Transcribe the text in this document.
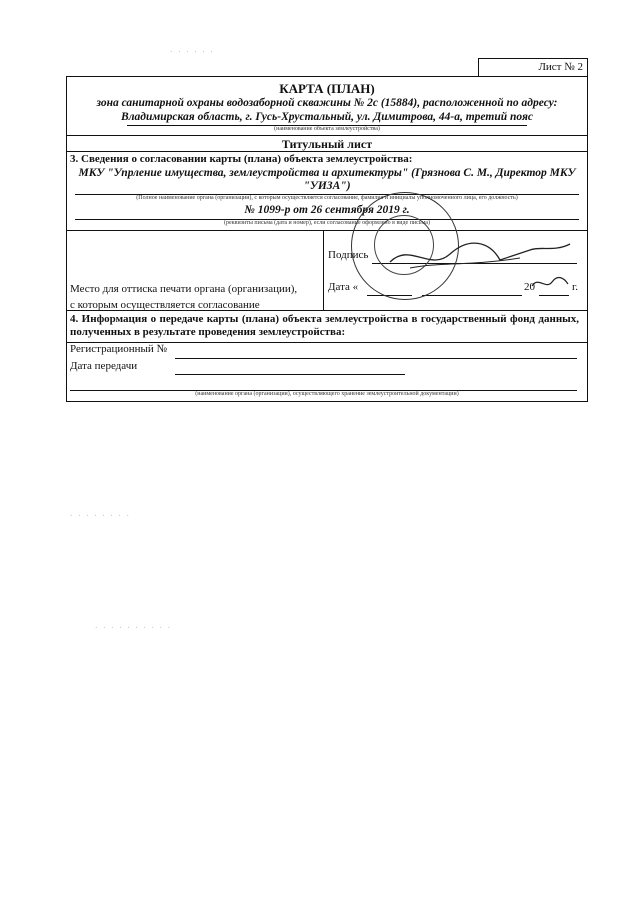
Лист № 2
КАРТА (ПЛАН)
зона санитарной охраны водозаборной скважины № 2с (15884), расположенной по адресу: Владимирская область, г. Гусь-Хрустальный, ул. Димитрова, 44-а, третий пояс
(наименование объекта землеустройства)
Титульный лист
3. Сведения о согласовании карты (плана) объекта землеустройства:
МКУ "Упрление имущества, землеустройства и архитектуры" (Грязнова С. М., Директор МКУ "УИЗА")
(Полное наименование органа (организации), с которым осуществляется согласование, фамилия и инициалы уполномоченного лица, его должность)
№ 1099-р от 26 сентября 2019 г.
(реквизиты письма (дата и номер), если согласование оформлено в виде письма)
Место для оттиска печати органа (организации),
с которым осуществляется согласование
Подпись
Дата «	20	г.
4. Информация о передаче карты (плана) объекта землеустройства в государственный фонд данных, полученных в результате проведения землеустройства:
Регистрационный №
Дата передачи
(наименование органа (организации), осуществляющего хранение землеустроительной документации)
· · · · · ·
· · · · · · · ·
· · · · · · · · · ·
